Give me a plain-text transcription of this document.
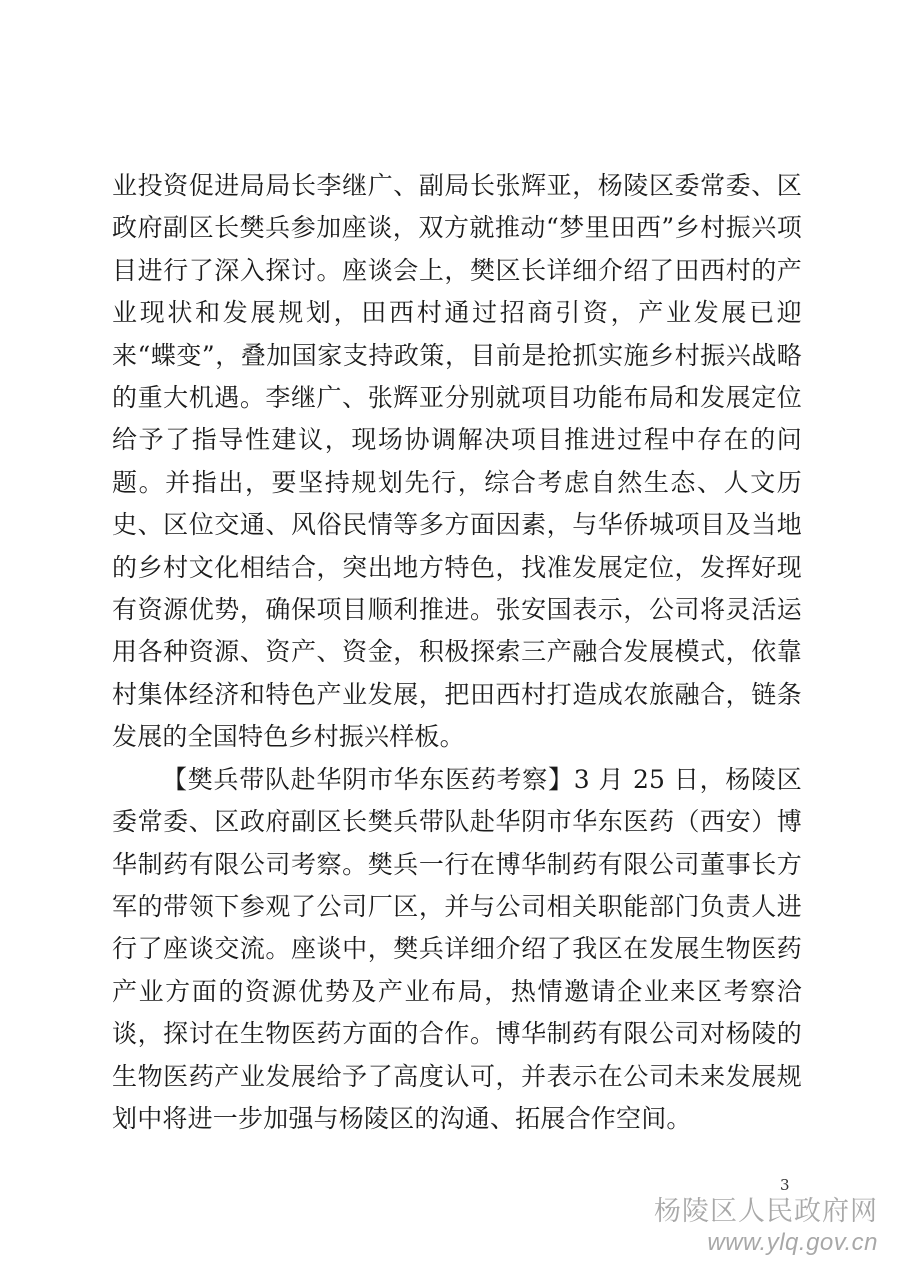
业投资促进局局长李继广、副局长张辉亚，杨陵区委常委、区政府副区长樊兵参加座谈，双方就推动“梦里田西”乡村振兴项目进行了深入探讨。座谈会上，樊区长详细介绍了田西村的产业现状和发展规划，田西村通过招商引资，产业发展已迎来“蝶变”，叠加国家支持政策，目前是抢抓实施乡村振兴战略的重大机遇。李继广、张辉亚分别就项目功能布局和发展定位给予了指导性建议，现场协调解决项目推进过程中存在的问题。并指出，要坚持规划先行，综合考虑自然生态、人文历史、区位交通、风俗民情等多方面因素，与华侨城项目及当地的乡村文化相结合，突出地方特色，找准发展定位，发挥好现有资源优势，确保项目顺利推进。张安国表示，公司将灵活运用各种资源、资产、资金，积极探索三产融合发展模式，依靠村集体经济和特色产业发展，把田西村打造成农旅融合，链条发展的全国特色乡村振兴样板。

【樊兵带队赴华阴市华东医药考察】3 月 25 日，杨陵区委常委、区政府副区长樊兵带队赴华阴市华东医药（西安）博华制药有限公司考察。樊兵一行在博华制药有限公司董事长方军的带领下参观了公司厂区，并与公司相关职能部门负责人进行了座谈交流。座谈中，樊兵详细介绍了我区在发展生物医药产业方面的资源优势及产业布局，热情邀请企业来区考察洽谈，探讨在生物医药方面的合作。博华制药有限公司对杨陵的生物医药产业发展给予了高度认可，并表示在公司未来发展规划中将进一步加强与杨陵区的沟通、拓展合作空间。

3
杨陵区人民政府网
www.ylq.gov.cn
